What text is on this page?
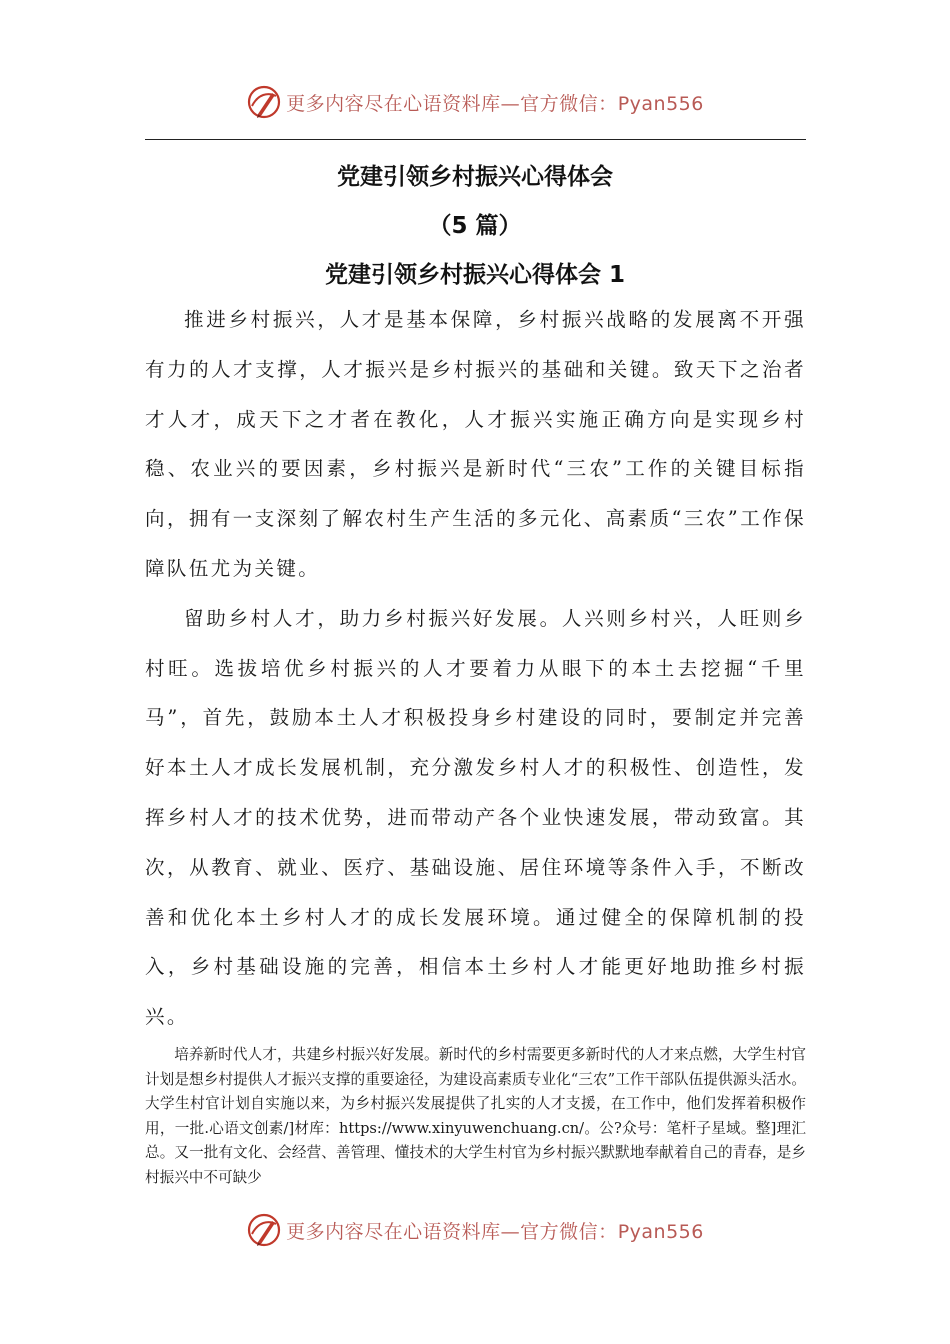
更多内容尽在心语资料库—官方微信：Pyan556
党建引领乡村振兴心得体会
（5 篇）
党建引领乡村振兴心得体会 1

推进乡村振兴，人才是基本保障，乡村振兴战略的发展离不开强有力的人才支撑，人才振兴是乡村振兴的基础和关键。致天下之治者才人才，成天下之才者在教化，人才振兴实施正确方向是实现乡村稳、农业兴的要因素，乡村振兴是新时代“三农”工作的关键目标指向，拥有一支深刻了解农村生产生活的多元化、高素质“三农”工作保障队伍尤为关键。

留助乡村人才，助力乡村振兴好发展。人兴则乡村兴，人旺则乡村旺。选拔培优乡村振兴的人才要着力从眼下的本土去挖掘“千里马”，首先，鼓励本土人才积极投身乡村建设的同时，要制定并完善好本土人才成长发展机制，充分激发乡村人才的积极性、创造性，发挥乡村人才的技术优势，进而带动产各个业快速发展，带动致富。其次，从教育、就业、医疗、基础设施、居住环境等条件入手，不断改善和优化本土乡村人才的成长发展环境。通过健全的保障机制的投入，乡村基础设施的完善，相信本土乡村人才能更好地助推乡村振兴。

培养新时代人才，共建乡村振兴好发展。新时代的乡村需要更多新时代的人才来点燃，大学生村官计划是想乡村提供人才振兴支撑的重要途径，为建设高素质专业化“三农”工作干部队伍提供源头活水。大学生村官计划自实施以来，为乡村振兴发展提供了扎实的人才支援，在工作中，他们发挥着积极作用，一批.心语文创素/]材库：https://www.xinyuwenchuang.cn/。公?众号：笔杆子星域。整]理汇总。又一批有文化、会经营、善管理、懂技术的大学生村官为乡村振兴默默地奉献着自己的青春，是乡村振兴中不可缺少

更多内容尽在心语资料库—官方微信：Pyan556
